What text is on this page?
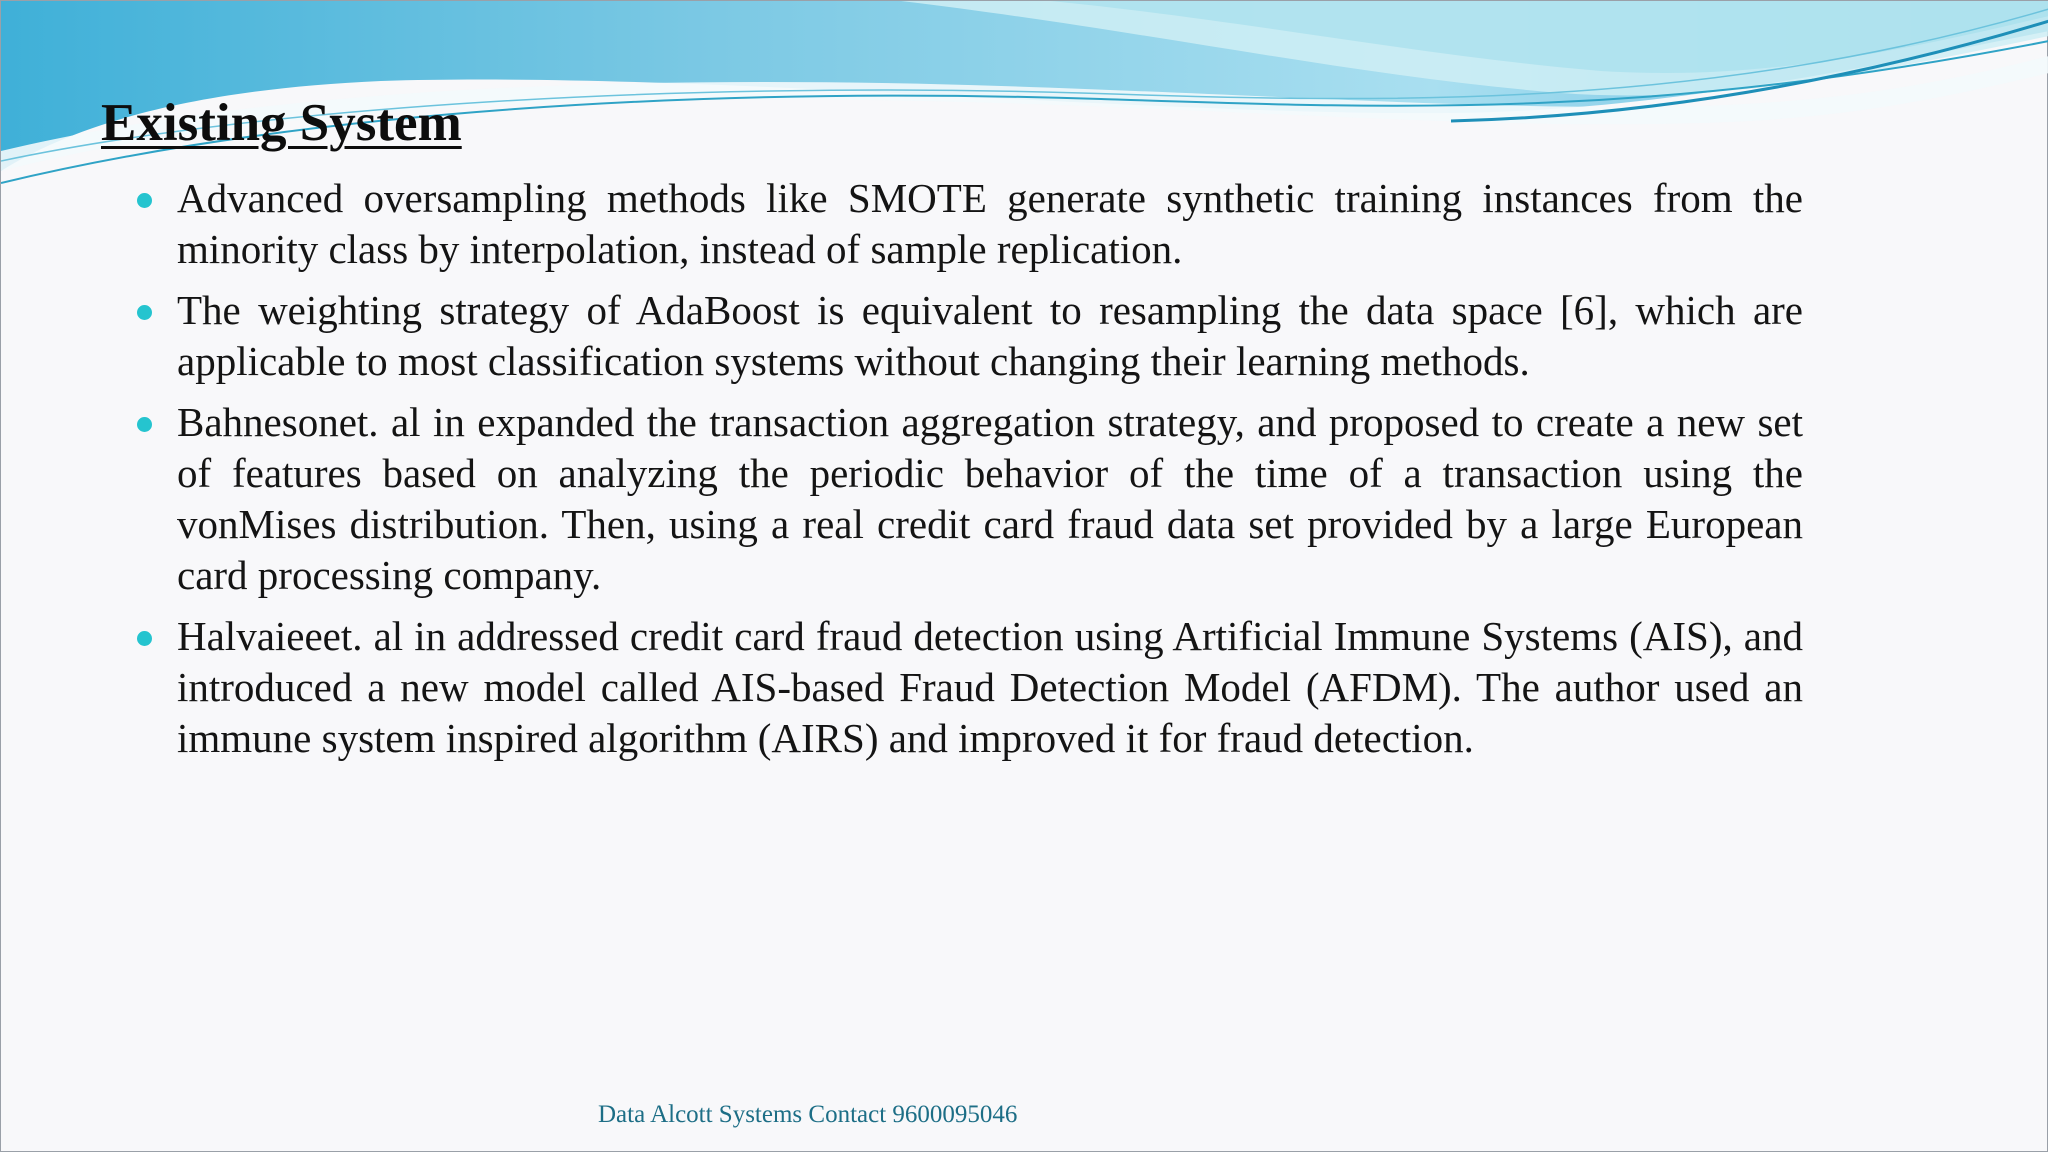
Existing System
Advanced oversampling methods like SMOTE generate synthetic training instances from the minority class by interpolation, instead of sample replication.
The weighting strategy of AdaBoost is equivalent to resampling the data space [6], which are applicable to most classification systems without changing their learning methods.
Bahnesonet. al in expanded the transaction aggregation strategy, and proposed to create a new set of features based on analyzing the periodic behavior of the time of a transaction using the vonMises distribution. Then, using a real credit card fraud data set provided by a large European card processing company.
Halvaieeet. al in addressed credit card fraud detection using Artificial Immune Systems (AIS), and introduced a new model called AIS-based Fraud Detection Model (AFDM). The author used an immune system inspired algorithm (AIRS) and improved it for fraud detection.
Data Alcott Systems Contact 9600095046
